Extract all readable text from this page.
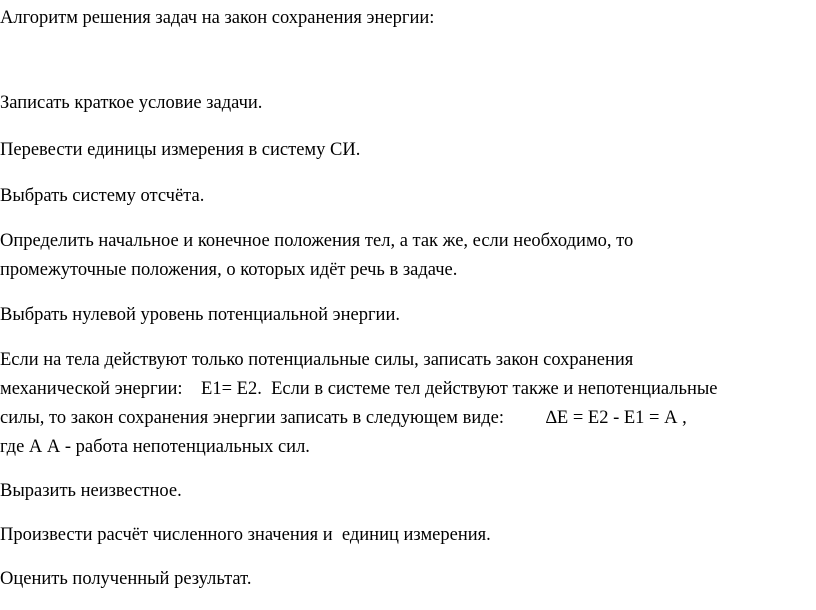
Алгоритм решения задач на закон сохранения энергии:
Записать краткое условие задачи.
Перевести единицы измерения в систему СИ.
Выбрать систему отсчёта.
Определить начальное и конечное положения тел, а так же, если необходимо, то
промежуточные положения, о которых идёт речь в задаче.
Выбрать нулевой уровень потенциальной энергии.
Если на тела действуют только потенциальные силы, записать закон сохранения
механической энергии:    Е1= Е2.  Если в системе тел действуют также и непотенциальные
силы, то закон сохранения энергии записать в следующем виде:         ∆Е = Е2 - Е1 = А ,
где А А - работа непотенциальных сил.
Выразить неизвестное.
Произвести расчёт численного значения и  единиц измерения.
Оценить полученный результат.
